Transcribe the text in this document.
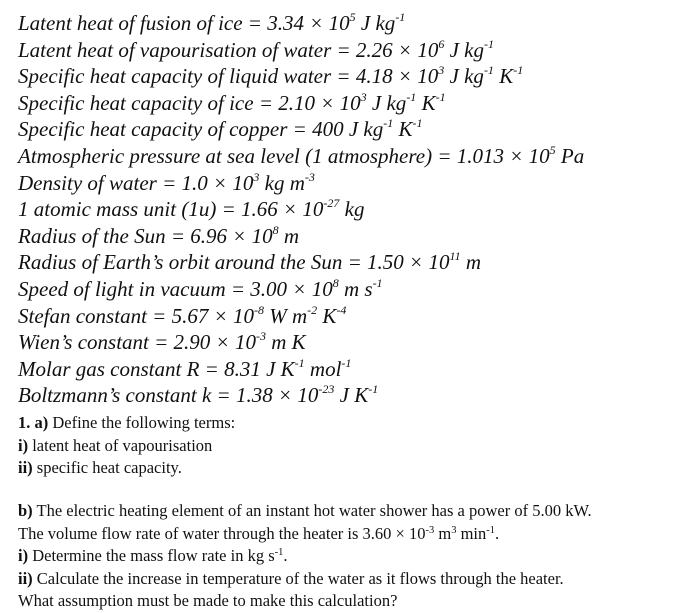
Latent heat of fusion of ice = $3.34 \times 10^5$ J $kg^{-1}$

Latent heat of vapourisation of water = $2.26 \times 10^6$ J $kg^{-1}$

Specific heat capacity of liquid water = $4.18 \times 10^3$ J $kg^{-1}$ $K^{-1}$

Specific heat capacity of ice = $2.10 \times 10^3$ J $kg^{-1}$ $K^{-1}$

Specific heat capacity of copper = 400 J $kg^{-1}$ $K^{-1}$

Atmospheric pressure at sea level (1 atmosphere) = $1.013 \times 10^5$ Pa

Density of water = $1.0 \times 10^3$ kg $m^{-3}$

1 atomic mass unit $(1u) = 1.66 \times 10^{-27}$ kg

Radius of the Sun = $6.96 \times 10^8$ m

Radius of Earth’s orbit around the Sun = $1.50 \times 10^{11}$ m

Speed of light in vacuum = $3.00 \times 10^8$ m $s^{-1}$

Stefan constant = $5.67 \times 10^{-8}$ W $m^{-2}$ $K^{-4}$

Wien’s constant = $2.90 \times 10^{-3}$ m K

Molar gas constant R = 8.31 J $K^{-1}$ mol$^{-1}$

Boltzmann’s constant $k = 1.38 \times 10^{-23}$ J $K^{-1}$

1. a) Define the following terms:
i) latent heat of vapourisation
ii) specific heat capacity.
b) The electric heating element of an instant hot water shower has a power of 5.00 kW.
The volume flow rate of water through the heater is $3.60 \times 10^{-3}$ $m^3$ $\min^{-1}$.
i) Determine the mass flow rate in kg $s^{-1}$.
ii) Calculate the increase in temperature of the water as it flows through the heater.
What assumption must be made to make this calculation?
